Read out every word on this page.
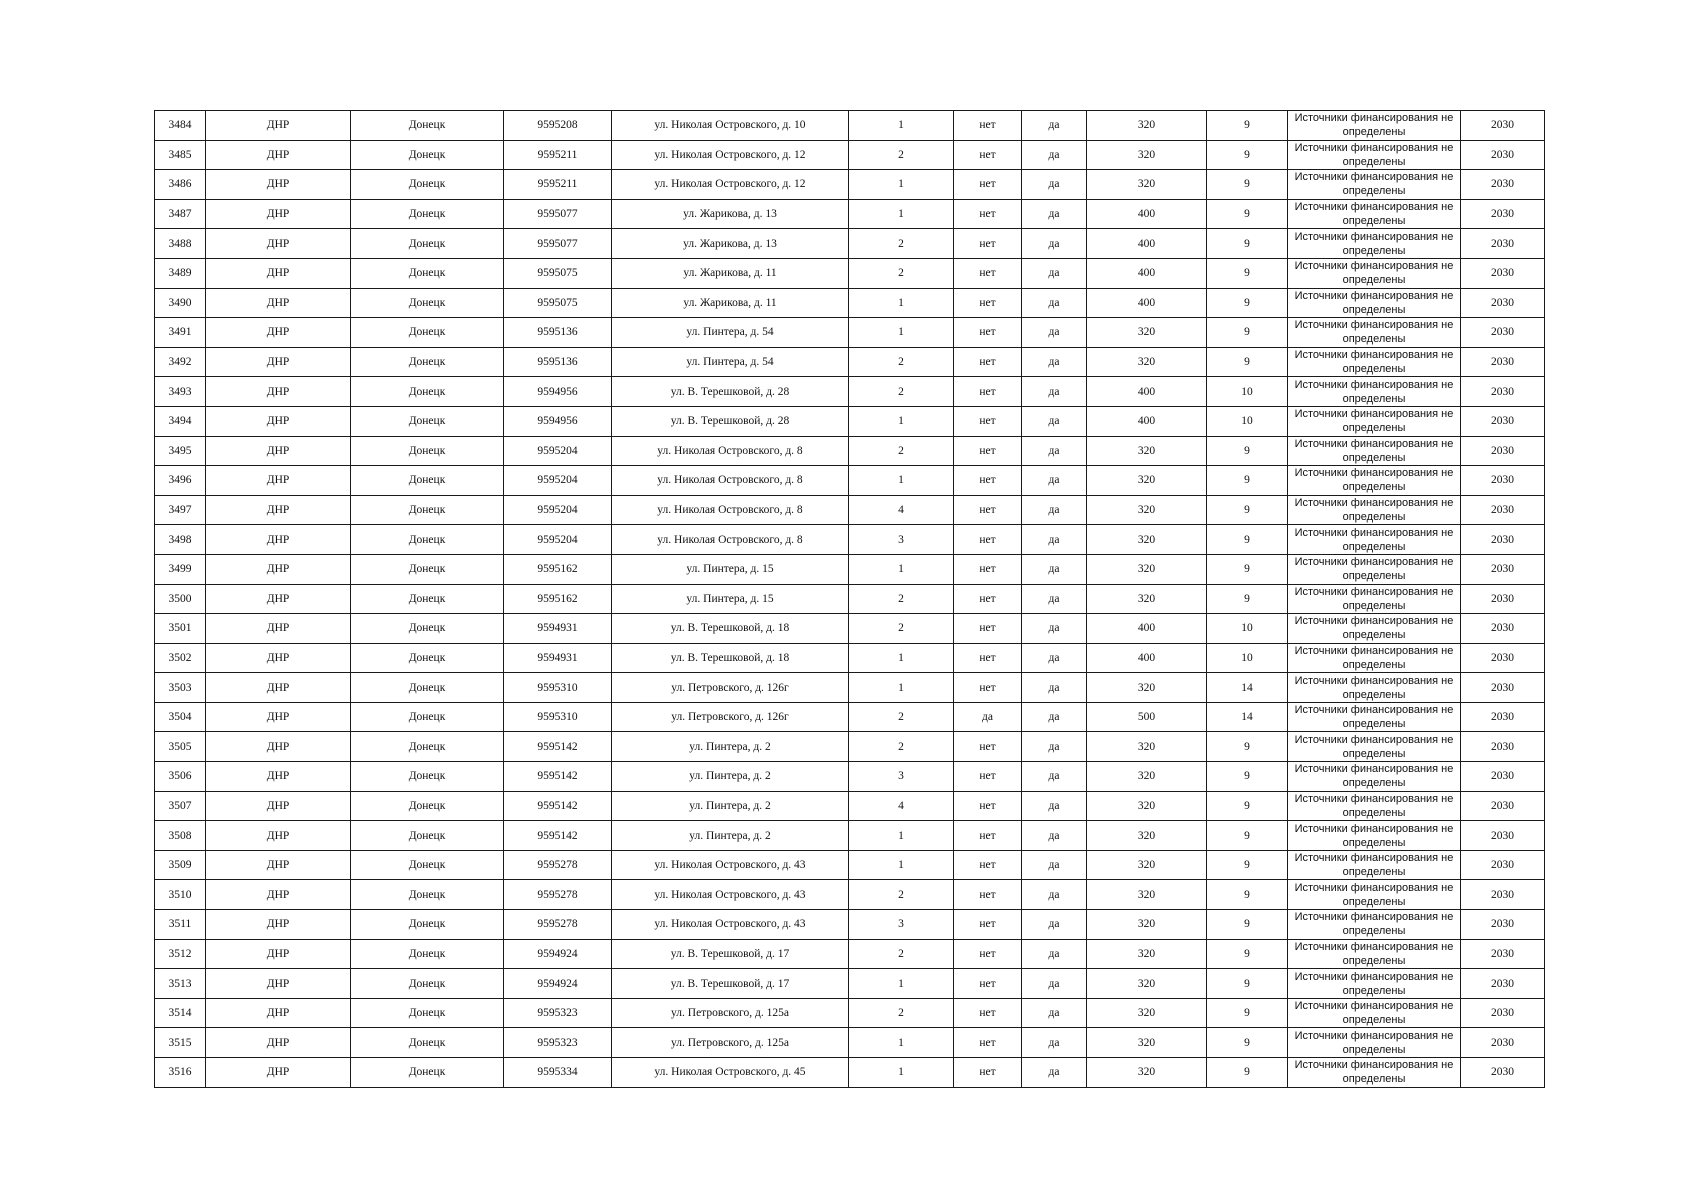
3484	ДНР	Донецк	9595208	ул. Николая Островского, д. 10	1	нет	да	320	9	Источники финансирования не определены	2030
3485	ДНР	Донецк	9595211	ул. Николая Островского, д. 12	2	нет	да	320	9	Источники финансирования не определены	2030
3486	ДНР	Донецк	9595211	ул. Николая Островского, д. 12	1	нет	да	320	9	Источники финансирования не определены	2030
3487	ДНР	Донецк	9595077	ул. Жарикова, д. 13	1	нет	да	400	9	Источники финансирования не определены	2030
3488	ДНР	Донецк	9595077	ул. Жарикова, д. 13	2	нет	да	400	9	Источники финансирования не определены	2030
3489	ДНР	Донецк	9595075	ул. Жарикова, д. 11	2	нет	да	400	9	Источники финансирования не определены	2030
3490	ДНР	Донецк	9595075	ул. Жарикова, д. 11	1	нет	да	400	9	Источники финансирования не определены	2030
3491	ДНР	Донецк	9595136	ул. Пинтера, д. 54	1	нет	да	320	9	Источники финансирования не определены	2030
3492	ДНР	Донецк	9595136	ул. Пинтера, д. 54	2	нет	да	320	9	Источники финансирования не определены	2030
3493	ДНР	Донецк	9594956	ул. В. Терешковой, д. 28	2	нет	да	400	10	Источники финансирования не определены	2030
3494	ДНР	Донецк	9594956	ул. В. Терешковой, д. 28	1	нет	да	400	10	Источники финансирования не определены	2030
3495	ДНР	Донецк	9595204	ул. Николая Островского, д. 8	2	нет	да	320	9	Источники финансирования не определены	2030
3496	ДНР	Донецк	9595204	ул. Николая Островского, д. 8	1	нет	да	320	9	Источники финансирования не определены	2030
3497	ДНР	Донецк	9595204	ул. Николая Островского, д. 8	4	нет	да	320	9	Источники финансирования не определены	2030
3498	ДНР	Донецк	9595204	ул. Николая Островского, д. 8	3	нет	да	320	9	Источники финансирования не определены	2030
3499	ДНР	Донецк	9595162	ул. Пинтера, д. 15	1	нет	да	320	9	Источники финансирования не определены	2030
3500	ДНР	Донецк	9595162	ул. Пинтера, д. 15	2	нет	да	320	9	Источники финансирования не определены	2030
3501	ДНР	Донецк	9594931	ул. В. Терешковой, д. 18	2	нет	да	400	10	Источники финансирования не определены	2030
3502	ДНР	Донецк	9594931	ул. В. Терешковой, д. 18	1	нет	да	400	10	Источники финансирования не определены	2030
3503	ДНР	Донецк	9595310	ул. Петровского, д. 126г	1	нет	да	320	14	Источники финансирования не определены	2030
3504	ДНР	Донецк	9595310	ул. Петровского, д. 126г	2	да	да	500	14	Источники финансирования не определены	2030
3505	ДНР	Донецк	9595142	ул. Пинтера, д. 2	2	нет	да	320	9	Источники финансирования не определены	2030
3506	ДНР	Донецк	9595142	ул. Пинтера, д. 2	3	нет	да	320	9	Источники финансирования не определены	2030
3507	ДНР	Донецк	9595142	ул. Пинтера, д. 2	4	нет	да	320	9	Источники финансирования не определены	2030
3508	ДНР	Донецк	9595142	ул. Пинтера, д. 2	1	нет	да	320	9	Источники финансирования не определены	2030
3509	ДНР	Донецк	9595278	ул. Николая Островского, д. 43	1	нет	да	320	9	Источники финансирования не определены	2030
3510	ДНР	Донецк	9595278	ул. Николая Островского, д. 43	2	нет	да	320	9	Источники финансирования не определены	2030
3511	ДНР	Донецк	9595278	ул. Николая Островского, д. 43	3	нет	да	320	9	Источники финансирования не определены	2030
3512	ДНР	Донецк	9594924	ул. В. Терешковой, д. 17	2	нет	да	320	9	Источники финансирования не определены	2030
3513	ДНР	Донецк	9594924	ул. В. Терешковой, д. 17	1	нет	да	320	9	Источники финансирования не определены	2030
3514	ДНР	Донецк	9595323	ул. Петровского, д. 125а	2	нет	да	320	9	Источники финансирования не определены	2030
3515	ДНР	Донецк	9595323	ул. Петровского, д. 125а	1	нет	да	320	9	Источники финансирования не определены	2030
3516	ДНР	Донецк	9595334	ул. Николая Островского, д. 45	1	нет	да	320	9	Источники финансирования не определены	2030
